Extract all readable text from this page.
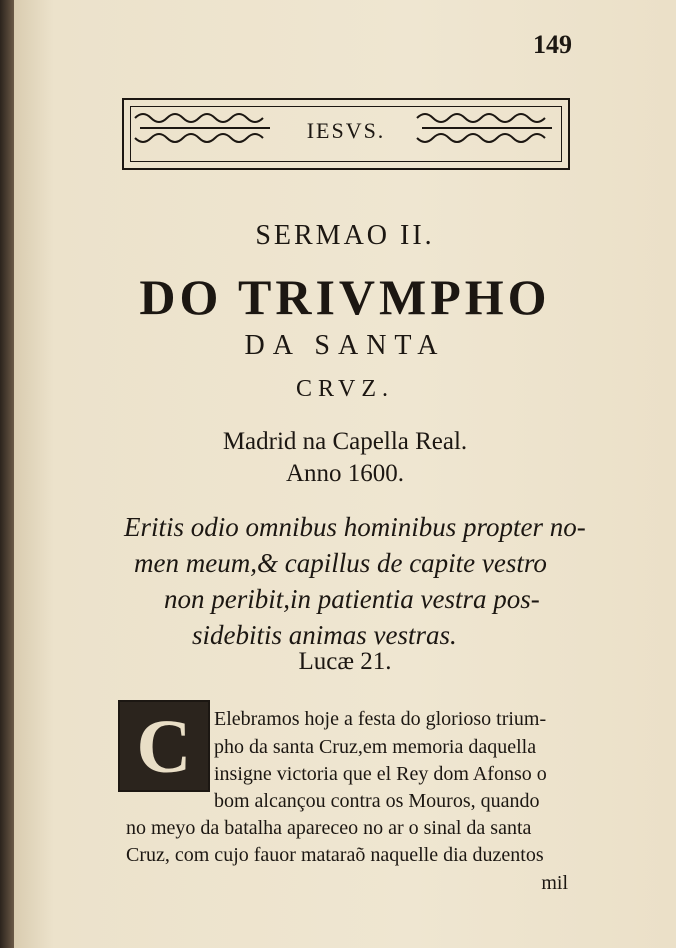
149
IESVS.
SERMAO II.
DO TRIVMPHO
DA SANTA
CRVZ.
Madrid na Capella Real.
Anno 1600.
Eritis odio omnibus hominibus propter no-
men meum,& capillus de capite vestro
non peribit,in patientia vestra pos-
sidebitis animas vestras.
Lucæ 21.
C	Elebramos hoje a festa do glorioso trium-
pho da santa Cruz,em memoria daquella
insigne victoria que el Rey dom Afonso o
bom alcançou contra os Mouros, quando
no meyo da batalha apareceo no ar o sinal da santa
Cruz, com cujo fauor mataraõ naquelle dia duzentos
mil
